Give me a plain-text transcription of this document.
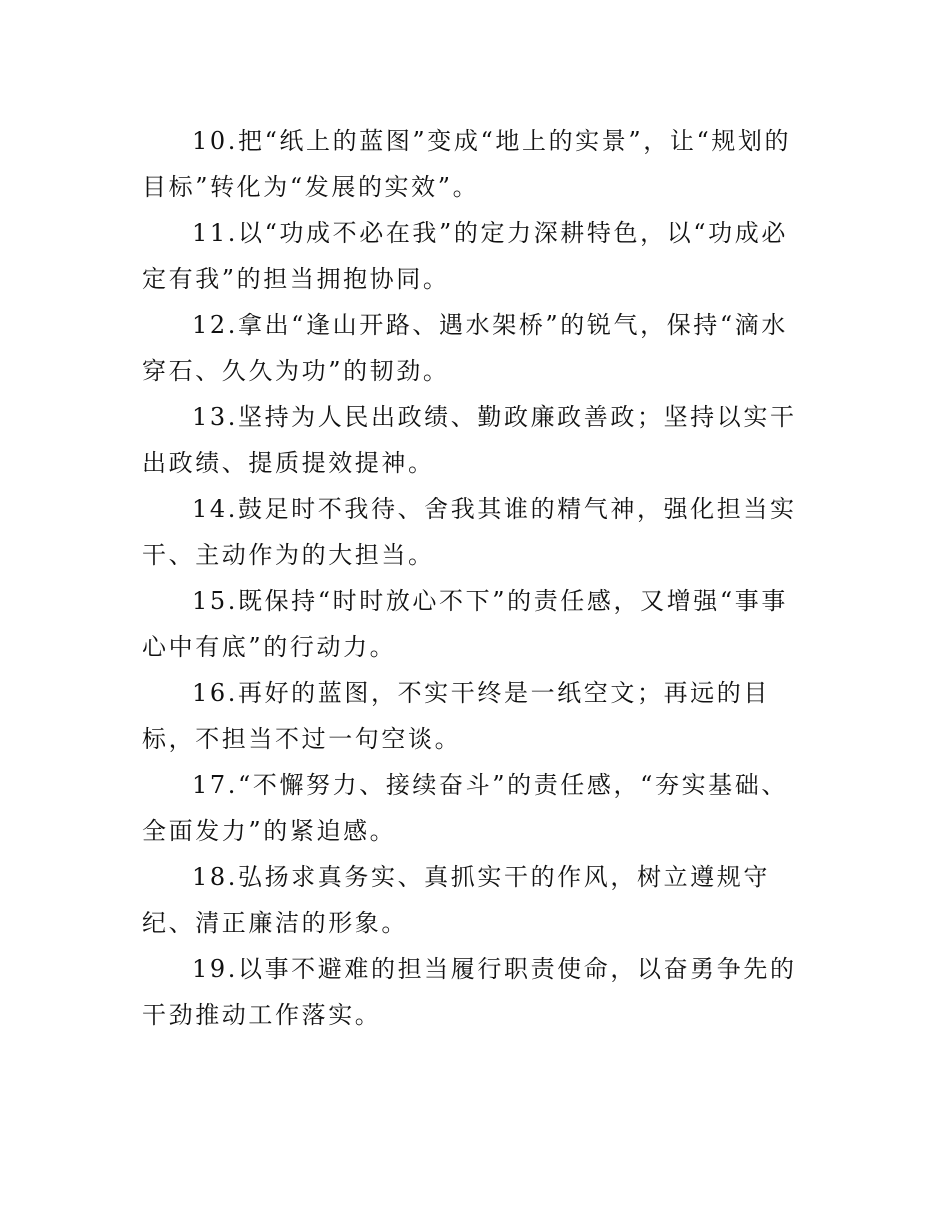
10.把“纸上的蓝图”变成“地上的实景”，让“规划的目标”转化为“发展的实效”。

11.以“功成不必在我”的定力深耕特色，以“功成必定有我”的担当拥抱协同。

12.拿出“逢山开路、遇水架桥”的锐气，保持“滴水穿石、久久为功”的韧劲。

13.坚持为人民出政绩、勤政廉政善政；坚持以实干出政绩、提质提效提神。

14.鼓足时不我待、舍我其谁的精气神，强化担当实干、主动作为的大担当。

15.既保持“时时放心不下”的责任感，又增强“事事心中有底”的行动力。

16.再好的蓝图，不实干终是一纸空文；再远的目标，不担当不过一句空谈。

17.“不懈努力、接续奋斗”的责任感，“夯实基础、全面发力”的紧迫感。

18.弘扬求真务实、真抓实干的作风，树立遵规守纪、清正廉洁的形象。

19.以事不避难的担当履行职责使命，以奋勇争先的干劲推动工作落实。
